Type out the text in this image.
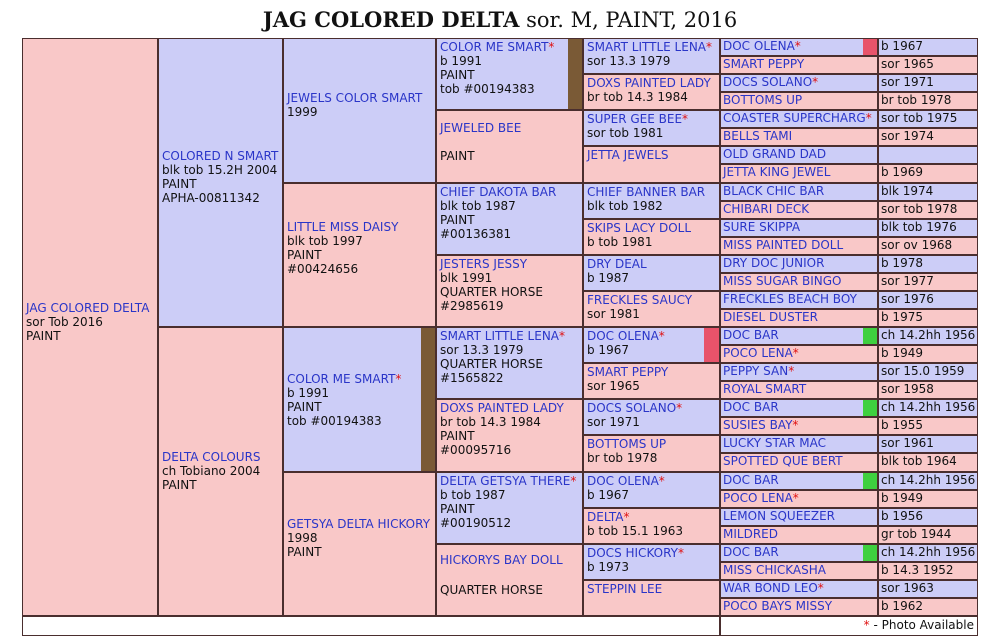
JAG COLORED DELTA sor. M, PAINT, 2016
JAG COLORED DELTA
sor Tob 2016
PAINT
COLORED N SMART
blk tob 15.2H 2004
PAINT
APHA-00811342
DELTA COLOURS
ch Tobiano 2004
PAINT
JEWELS COLOR SMART
1999
LITTLE MISS DAISY
blk tob 1997
PAINT
#00424656
COLOR ME SMART*
b 1991
PAINT
tob #00194383
GETSYA DELTA HICKORY
1998
PAINT
COLOR ME SMART*
b 1991
PAINT
tob #00194383
JEWELED BEE
PAINT
CHIEF DAKOTA BAR
blk tob 1987
PAINT
#00136381
JESTERS JESSY
blk 1991
QUARTER HORSE
#2985619
SMART LITTLE LENA*
sor 13.3 1979
QUARTER HORSE
#1565822
DOXS PAINTED LADY
br tob 14.3 1984
PAINT
#00095716
DELTA GETSYA THERE*
b tob 1987
PAINT
#00190512
HICKORYS BAY DOLL
QUARTER HORSE
SMART LITTLE LENA*
sor 13.3 1979
DOXS PAINTED LADY
br tob 14.3 1984
SUPER GEE BEE*
sor tob 1981
JETTA JEWELS
CHIEF BANNER BAR
blk tob 1982
SKIPS LACY DOLL
b tob 1981
DRY DEAL
b 1987
FRECKLES SAUCY
sor 1981
DOC OLENA*
b 1967
SMART PEPPY
sor 1965
DOCS SOLANO*
sor 1971
BOTTOMS UP
br tob 1978
DOC OLENA*
b 1967
DELTA*
b tob 15.1 1963
DOCS HICKORY*
b 1973
STEPPIN LEE
DOC OLENA*	b 1967
SMART PEPPY	sor 1965
DOCS SOLANO*	sor 1971
BOTTOMS UP	br tob 1978
COASTER SUPERCHARG* sor tob 1975
BELLS TAMI	sor 1974
OLD GRAND DAD
JETTA KING JEWEL	b 1969
BLACK CHIC BAR	blk 1974
CHIBARI DECK	sor tob 1978
SURE SKIPPA	blk tob 1976
MISS PAINTED DOLL	sor ov 1968
DRY DOC JUNIOR	b 1978
MISS SUGAR BINGO	sor 1977
FRECKLES BEACH BOY	sor 1976
DIESEL DUSTER	b 1975
DOC BAR	ch 14.2hh 1956
POCO LENA*	b 1949
PEPPY SAN*	sor 15.0 1959
ROYAL SMART	sor 1958
DOC BAR	ch 14.2hh 1956
SUSIES BAY*	b 1955
LUCKY STAR MAC	sor 1961
SPOTTED QUE BERT	blk tob 1964
DOC BAR	ch 14.2hh 1956
POCO LENA*	b 1949
LEMON SQUEEZER	b 1956
MILDRED	gr tob 1944
DOC BAR	ch 14.2hh 1956
MISS CHICKASHA	b 14.3 1952
WAR BOND LEO*	sor 1963
POCO BAYS MISSY	b 1962
* - Photo Available
